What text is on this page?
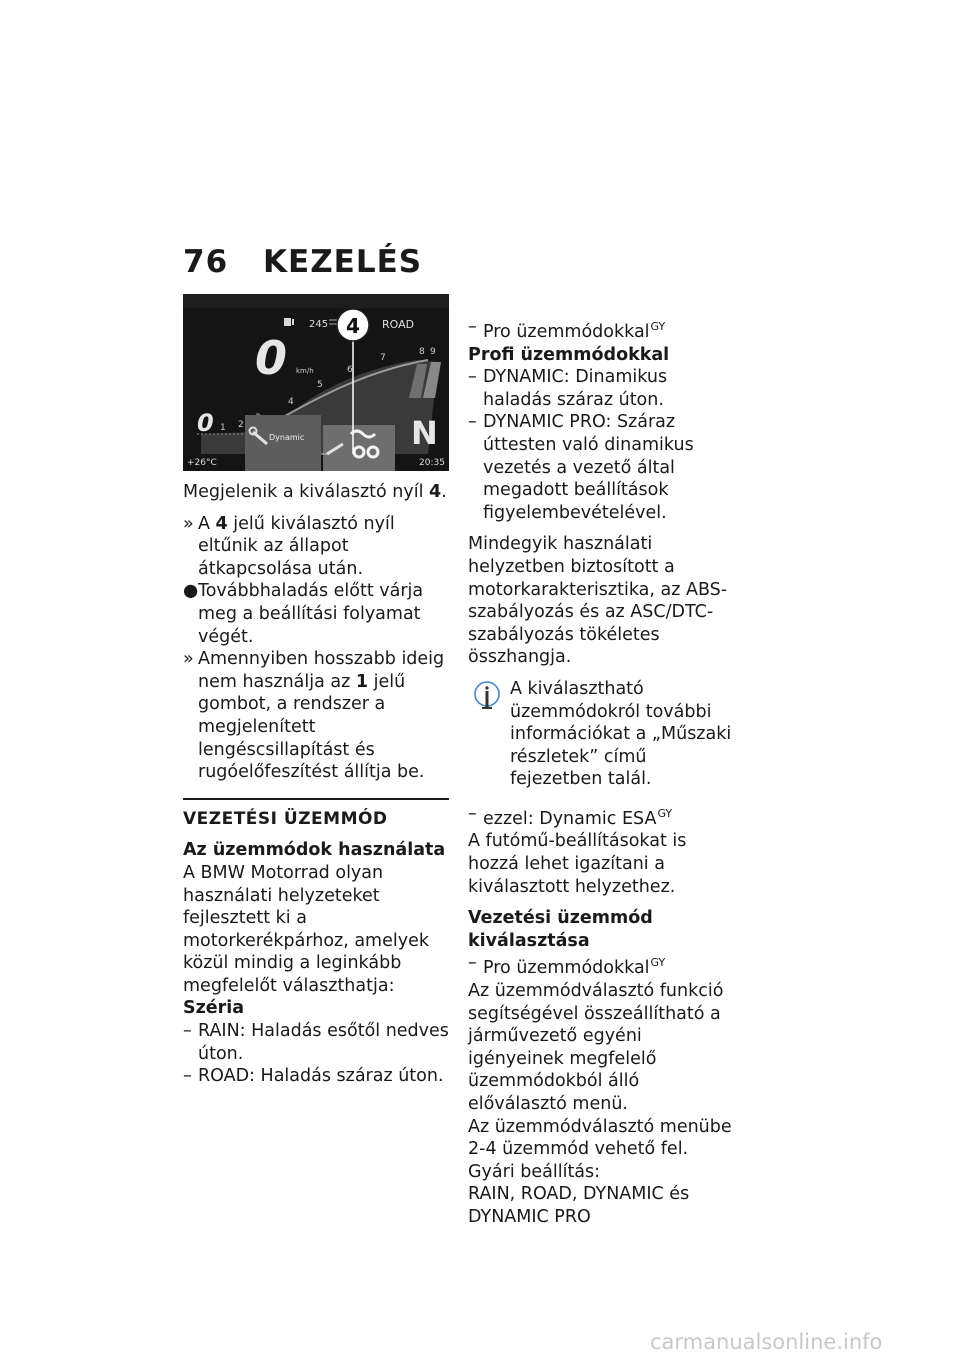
76 KEZELÉS
245	ROAD
0 km/h
1 2
4
5
6
7
8 9
0
Dynamic	N
+26°C	20:35
4

Megjelenik a kiválasztó nyíl 4.

» A 4 jelű kiválasztó nyíl eltűnik az állapot átkapcsolása után.
● Továbbhaladás előtt várja meg a beállítási folyamat végét.
» Amennyiben hosszabb ideig nem használja az 1 jelű gombot, a rendszer a megjelenített lengéscsillapítást és rugóelőfeszítést állítja be.

VEZETÉSI ÜZEMMÓD

Az üzemmódok használata

A BMW Motorrad olyan használati helyzeteket fejlesztett ki a motorkerékpárhoz, amelyek közül mindig a leginkább megfelelőt választhatja:

Széria

– RAIN: Haladás esőtől nedves úton.
– ROAD: Haladás száraz úton.
– Pro üzemmódokkal$^{GY}$

Profi üzemmódokkal

– DYNAMIC: Dinamikus haladás száraz úton.
– DYNAMIC PRO: Száraz úttesten való dinamikus vezetés a vezető által megadott beállítások figyelembevételével.

Mindegyik használati helyzetben biztosított a motorkarakterisztika, az ABS-szabályozás és az ASC/DTC-szabályozás tökéletes összhangja.

A kiválasztható üzemmódokról további információkat a „Műszaki részletek” című fejezetben talál.

– ezzel: Dynamic $ESA^{GY}$

A futómű-beállításokat is hozzá lehet igazítani a kiválasztott helyzethez.

Vezetési üzemmód kiválasztása

– Pro üzemmódokkal$^{GY}$

Az üzemmódválasztó funkció segítségével összeállítható a járművezető egyéni igényeinek megfelelő üzemmódokból álló előválasztó menü.

Az üzemmódválasztó menübe 2-4 üzemmód vehető fel.

Gyári beállítás:

RAIN, ROAD, DYNAMIC és DYNAMIC PRO

carmanualsonline.info
